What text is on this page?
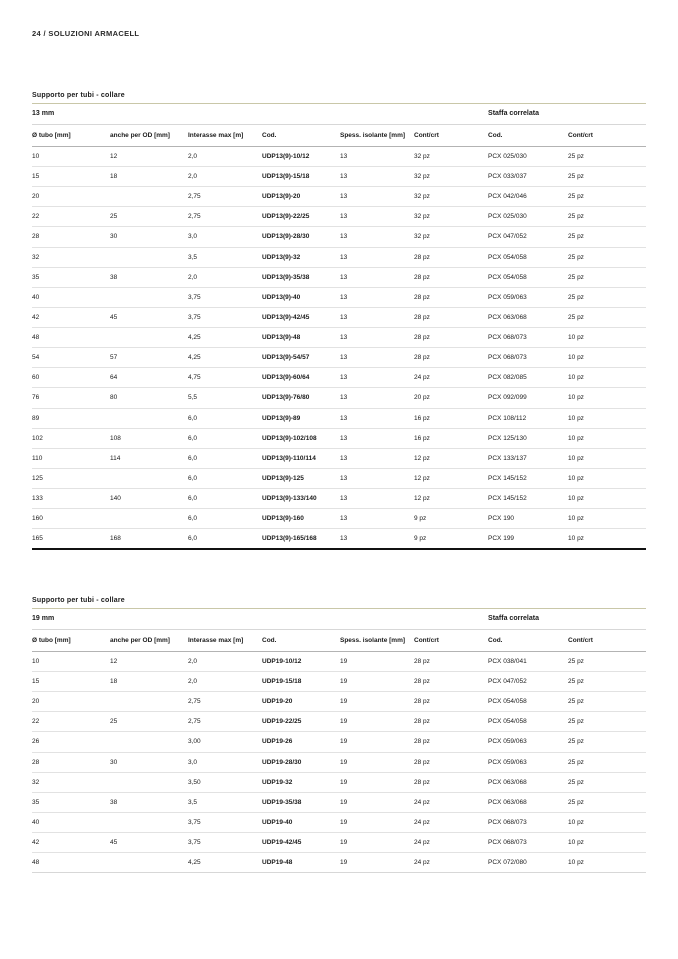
24 / SOLUZIONI ARMACELL
Supporto per tubi - collare
13 mm						Staffa correlata	
Ø tubo [mm]	anche per OD [mm]	Interasse max [m]	Cod.	Spess. isolante [mm]	Cont/crt	Cod.	Cont/crt
10	12	2,0	UDP13(9)-10/12	13	32 pz	PCX 025/030	25 pz
15	18	2,0	UDP13(9)-15/18	13	32 pz	PCX 033/037	25 pz
20		2,75	UDP13(9)-20	13	32 pz	PCX 042/046	25 pz
22	25	2,75	UDP13(9)-22/25	13	32 pz	PCX 025/030	25 pz
28	30	3,0	UDP13(9)-28/30	13	32 pz	PCX 047/052	25 pz
32		3,5	UDP13(9)-32	13	28 pz	PCX 054/058	25 pz
35	38	2,0	UDP13(9)-35/38	13	28 pz	PCX 054/058	25 pz
40		3,75	UDP13(9)-40	13	28 pz	PCX 059/063	25 pz
42	45	3,75	UDP13(9)-42/45	13	28 pz	PCX 063/068	25 pz
48		4,25	UDP13(9)-48	13	28 pz	PCX 068/073	10 pz
54	57	4,25	UDP13(9)-54/57	13	28 pz	PCX 068/073	10 pz
60	64	4,75	UDP13(9)-60/64	13	24 pz	PCX 082/085	10 pz
76	80	5,5	UDP13(9)-76/80	13	20 pz	PCX 092/099	10 pz
89		6,0	UDP13(9)-89	13	16 pz	PCX 108/112	10 pz
102	108	6,0	UDP13(9)-102/108	13	16 pz	PCX 125/130	10 pz
110	114	6,0	UDP13(9)-110/114	13	12 pz	PCX 133/137	10 pz
125		6,0	UDP13(9)-125	13	12 pz	PCX 145/152	10 pz
133	140	6,0	UDP13(9)-133/140	13	12 pz	PCX 145/152	10 pz
160		6,0	UDP13(9)-160	13	9 pz	PCX 190	10 pz
165	168	6,0	UDP13(9)-165/168	13	9 pz	PCX 199	10 pz
Supporto per tubi - collare
19 mm						Staffa correlata	
Ø tubo [mm]	anche per OD [mm]	Interasse max [m]	Cod.	Spess. isolante [mm]	Cont/crt	Cod.	Cont/crt
10	12	2,0	UDP19-10/12	19	28 pz	PCX 038/041	25 pz
15	18	2,0	UDP19-15/18	19	28 pz	PCX 047/052	25 pz
20		2,75	UDP19-20	19	28 pz	PCX 054/058	25 pz
22	25	2,75	UDP19-22/25	19	28 pz	PCX 054/058	25 pz
26		3,00	UDP19-26	19	28 pz	PCX 059/063	25 pz
28	30	3,0	UDP19-28/30	19	28 pz	PCX 059/063	25 pz
32		3,50	UDP19-32	19	28 pz	PCX 063/068	25 pz
35	38	3,5	UDP19-35/38	19	24 pz	PCX 063/068	25 pz
40		3,75	UDP19-40	19	24 pz	PCX 068/073	10 pz
42	45	3,75	UDP19-42/45	19	24 pz	PCX 068/073	10 pz
48		4,25	UDP19-48	19	24 pz	PCX 072/080	10 pz
